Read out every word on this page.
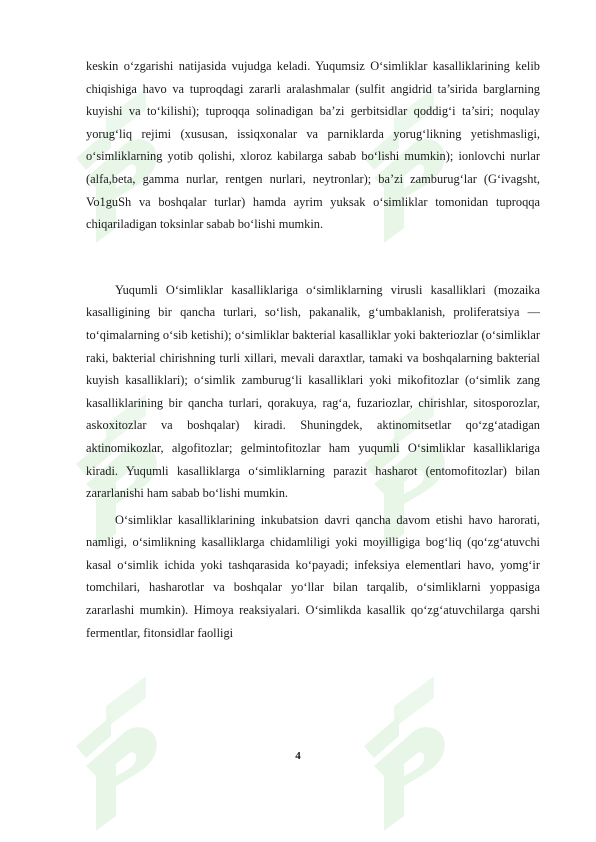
keskin o‘zgarishi natijasida vujudga keladi. Yuqumsiz O‘simliklar kasalliklarining kelib chiqishiga havo va tuproqdagi zararli aralashmalar (sulfit angidrid ta’sirida barglarning kuyishi va to‘kilishi); tuproqqa solinadigan ba’zi gerbitsidlar qoddig‘i ta’siri; noqulay yorug‘liq rejimi (xususan, issiqxonalar va parniklarda yorug‘likning yetishmasligi, o‘simliklarning yotib qolishi, xloroz kabilarga sabab bo‘lishi mumkin); ionlovchi nurlar (alfa,beta, gamma nurlar, rentgen nurlari, neytronlar); ba’zi zamburug‘lar (G‘ivagsht, Vo1guSh va boshqalar turlar) hamda ayrim yuksak o‘simliklar tomonidan tuproqqa chiqariladigan toksinlar sabab bo‘lishi mumkin.

Yuqumli O‘simliklar kasalliklariga o‘simliklarning virusli kasalliklari (mozaika kasalligining bir qancha turlari, so‘lish, pakanalik, g‘umbaklanish, proliferatsiya — to‘qimalarning o‘sib ketishi); o‘simliklar bakterial kasalliklar yoki bakteriozlar (o‘simliklar raki, bakterial chirishning turli xillari, mevali daraxtlar, tamaki va boshqalarning bakterial kuyish kasalliklari); o‘simlik zamburug‘li kasalliklari yoki mikofitozlar (o‘simlik zang kasalliklarining bir qancha turlari, qorakuya, rag‘a, fuzariozlar, chirishlar, sitosporozlar, askoxitozlar va boshqalar) kiradi. Shuningdek, aktinomitsetlar qo‘zg‘atadigan aktinomikozlar, algofitozlar; gelmintofitozlar ham yuqumli O‘simliklar kasalliklariga kiradi. Yuqumli kasalliklarga o‘simliklarning parazit hasharot (entomofitozlar) bilan zararlanishi ham sabab bo‘lishi mumkin.

O‘simliklar kasalliklarining inkubatsion davri qancha davom etishi havo harorati, namligi, o‘simlikning kasalliklarga chidamliligi yoki moyilligiga bog‘liq (qo‘zg‘atuvchi kasal o‘simlik ichida yoki tashqarasida ko‘payadi; infeksiya elementlari havo, yomg‘ir tomchilari, hasharotlar va boshqalar yo‘llar bilan tarqalib, o‘simliklarni yoppasiga zararlashi mumkin). Himoya reaksiyalari. O‘simlikda kasallik qo‘zg‘atuvchilarga qarshi fermentlar, fitonsidlar faolligi

4
